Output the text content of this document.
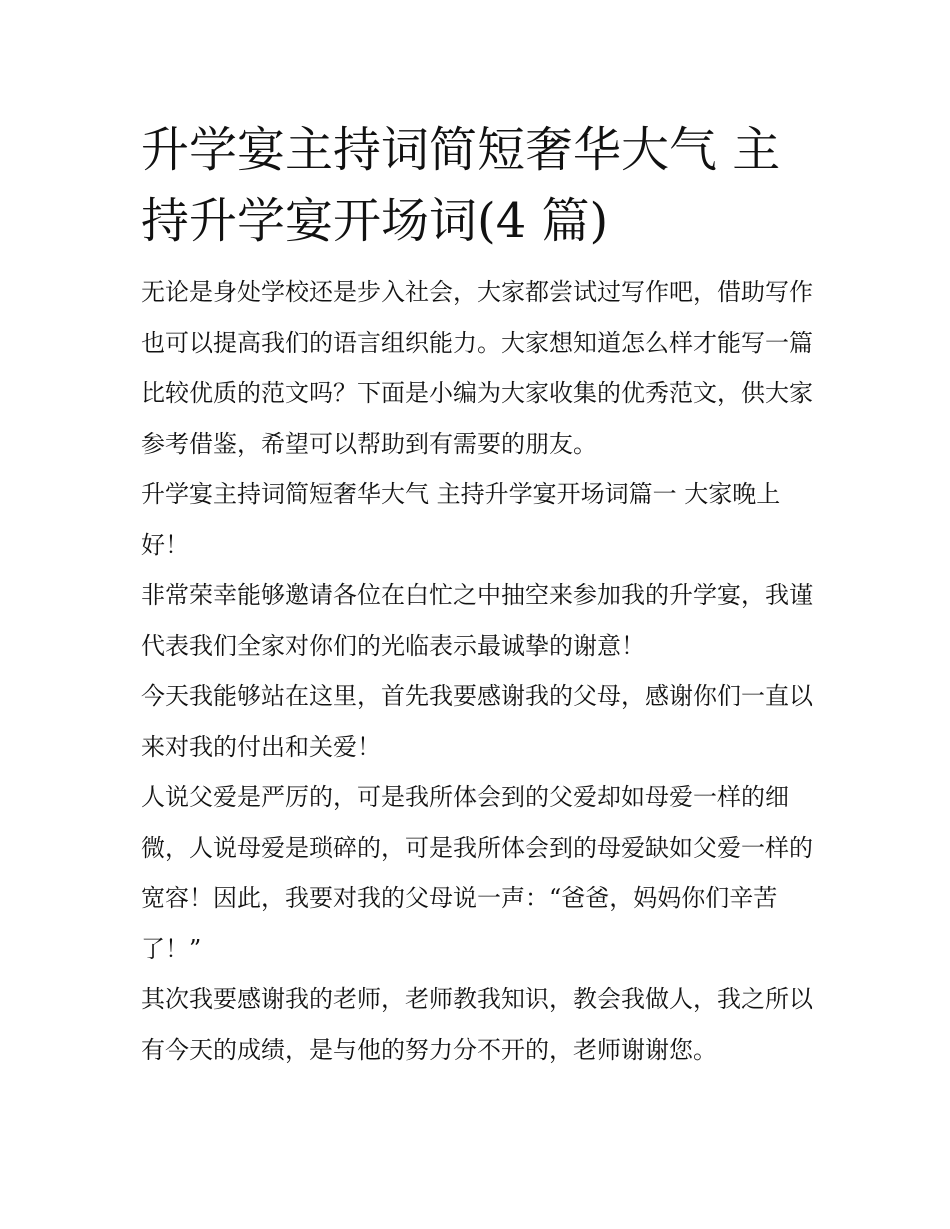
升学宴主持词简短奢华大气 主持升学宴开场词(4 篇)

无论是身处学校还是步入社会，大家都尝试过写作吧，借助写作也可以提高我们的语言组织能力。大家想知道怎么样才能写一篇比较优质的范文吗？下面是小编为大家收集的优秀范文，供大家参考借鉴，希望可以帮助到有需要的朋友。

升学宴主持词简短奢华大气 主持升学宴开场词篇一 大家晚上好！

非常荣幸能够邀请各位在白忙之中抽空来参加我的升学宴，我谨代表我们全家对你们的光临表示最诚挚的谢意！

今天我能够站在这里，首先我要感谢我的父母，感谢你们一直以来对我的付出和关爱！

人说父爱是严厉的，可是我所体会到的父爱却如母爱一样的细微，人说母爱是琐碎的，可是我所体会到的母爱缺如父爱一样的宽容！因此，我要对我的父母说一声：“爸爸，妈妈你们辛苦了！”

其次我要感谢我的老师，老师教我知识，教会我做人，我之所以有今天的成绩，是与他的努力分不开的，老师谢谢您。
